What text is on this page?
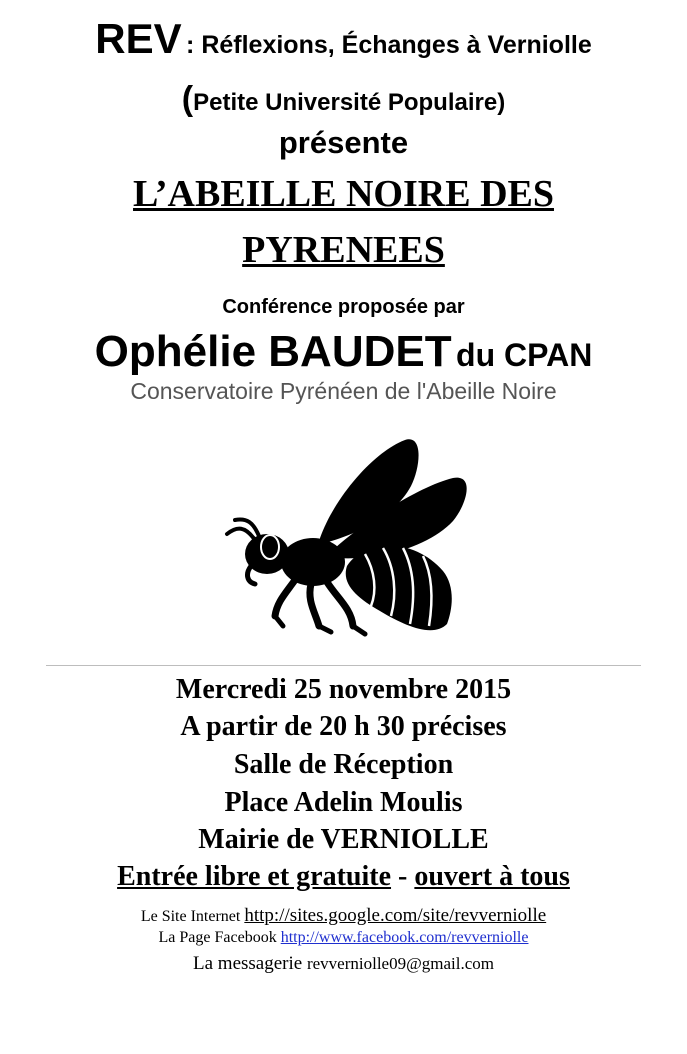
REV : Réflexions, Échanges à Verniolle
(Petite Université Populaire)
présente
L’ABEILLE NOIRE DES
PYRENEES
Conférence proposée par
Ophélie BAUDET du CPAN
Conservatoire Pyrénéen de l'Abeille Noire
Mercredi 25 novembre 2015
A partir de 20 h 30 précises
Salle de Réception
Place Adelin Moulis
Mairie de VERNIOLLE
Entrée libre et gratuite - ouvert à tous
Le Site Internet http://sites.google.com/site/revverniolle
La Page Facebook http://www.facebook.com/revverniolle
La messagerie revverniolle09@gmail.com
